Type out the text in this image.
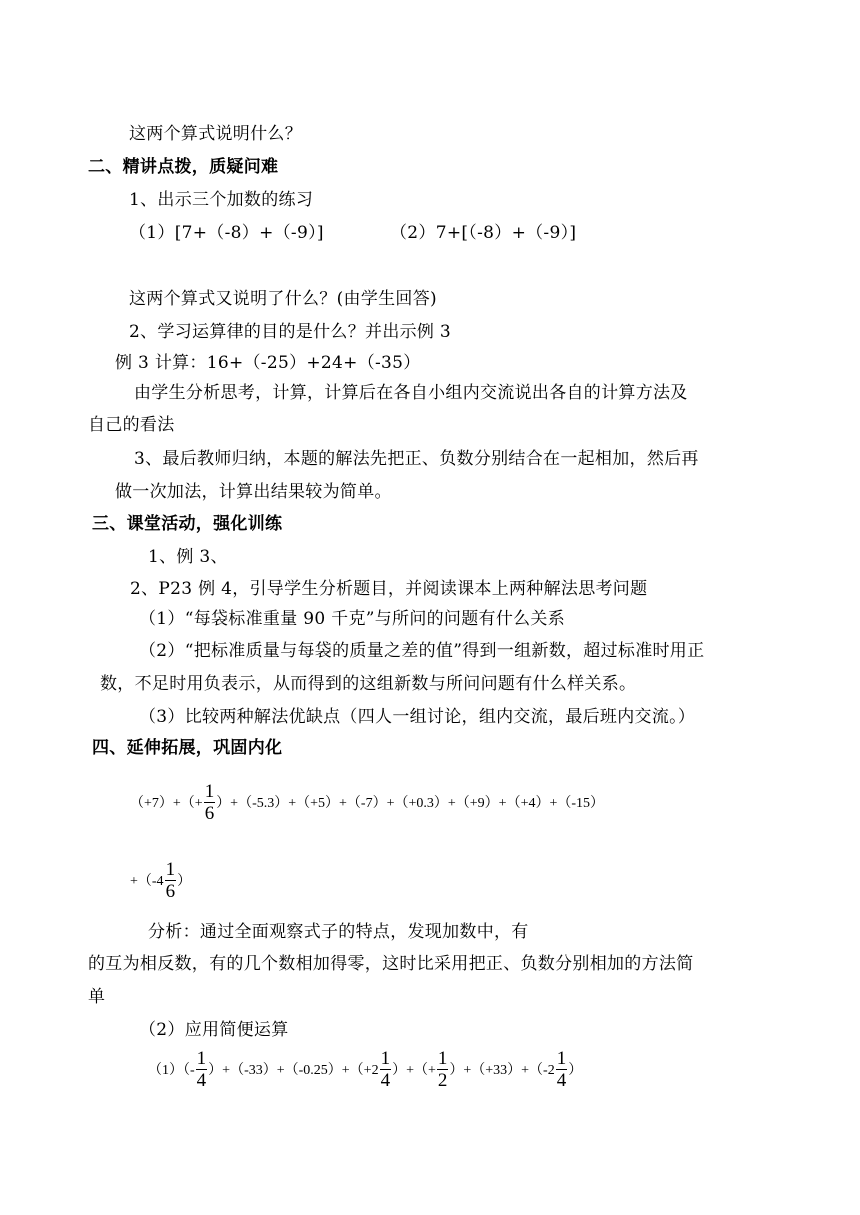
这两个算式说明什么？
二、精讲点拨，质疑问难
1、出示三个加数的练习
（1）[7+（-8）+（-9）]	（2）7+[（-8）+（-9）]
这两个算式又说明了什么？(由学生回答)
2、学习运算律的目的是什么？并出示例 3
例 3 计算：16+（-25）+24+（-35）
由学生分析思考，计算，计算后在各自小组内交流说出各自的计算方法及
自己的看法
3、最后教师归纳，本题的解法先把正、负数分别结合在一起相加，然后再
做一次加法，计算出结果较为简单。
三、课堂活动，强化训练
1、例 3、
2、P23 例 4，引导学生分析题目，并阅读课本上两种解法思考问题
（1）“每袋标准重量 90 千克”与所问的问题有什么关系
（2）“把标准质量与每袋的质量之差的值”得到一组新数，超过标准时用正
数，不足时用负表示，从而得到的这组新数与所问问题有什么样关系。
（3）比较两种解法优缺点（四人一组讨论，组内交流，最后班内交流。）
四、延伸拓展，巩固内化
$(+7)+(+ \frac{1}{6} )+(-5.3)+(+5)+(-7)+(+0.3)+(+9)+(+4)+(-15)$
$+(-4 \frac{1}{6}$ ）
分析：通过全面观察式子的特点，发现加数中，有
的互为相反数，有的几个数相加得零，这时比采用把正、负数分别相加的方法简
单
（2）应用简便运算
$(1)(- \frac{1}{4} )+(-33)+(-0.25)+(+2 \frac{1}{4}$ ）+（+ $\frac{1}{2} )+(+33)+(-2 \frac{1}{4}$ ）
